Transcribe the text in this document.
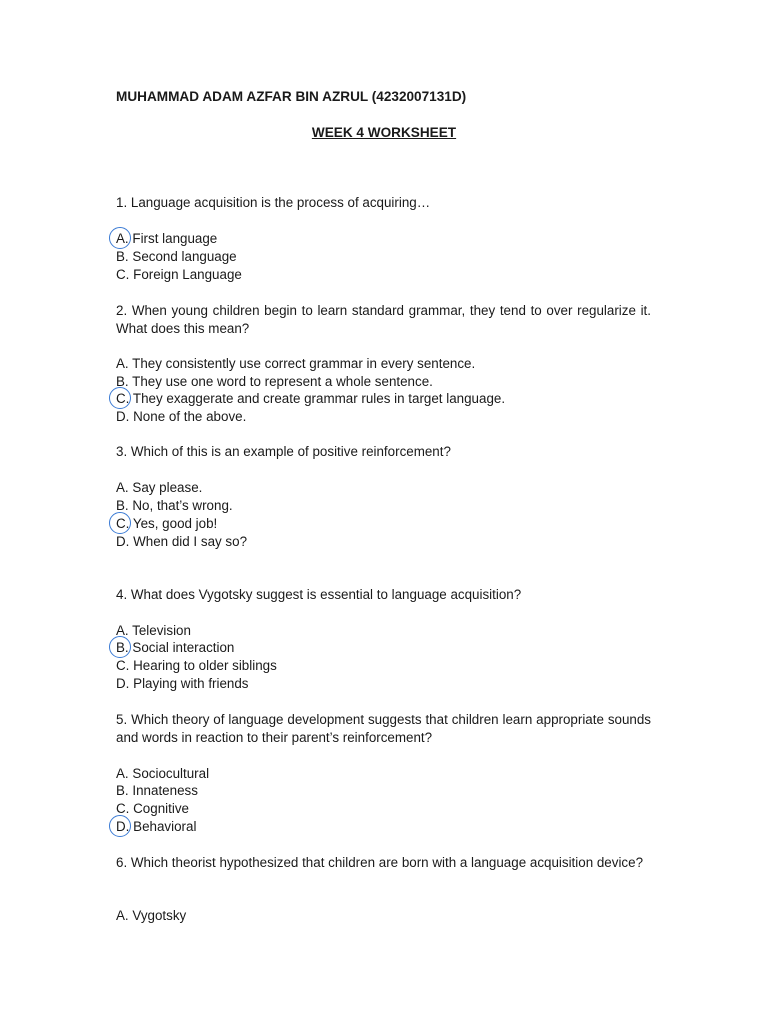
MUHAMMAD ADAM AZFAR BIN AZRUL (4232007131D)
WEEK 4 WORKSHEET
1. Language acquisition is the process of acquiring…
A. First language
B. Second language
C. Foreign Language
2. When young children begin to learn standard grammar, they tend to over regularize it. What does this mean?
A. They consistently use correct grammar in every sentence.
B. They use one word to represent a whole sentence.
C. They exaggerate and create grammar rules in target language.
D. None of the above.
3. Which of this is an example of positive reinforcement?
A. Say please.
B. No, that’s wrong.
C. Yes, good job!
D. When did I say so?
4. What does Vygotsky suggest is essential to language acquisition?
A. Television
B. Social interaction
C. Hearing to older siblings
D. Playing with friends
5. Which theory of language development suggests that children learn appropriate sounds and words in reaction to their parent’s reinforcement?
A. Sociocultural
B. Innateness
C. Cognitive
D. Behavioral
6. Which theorist hypothesized that children are born with a language acquisition device?
A. Vygotsky
